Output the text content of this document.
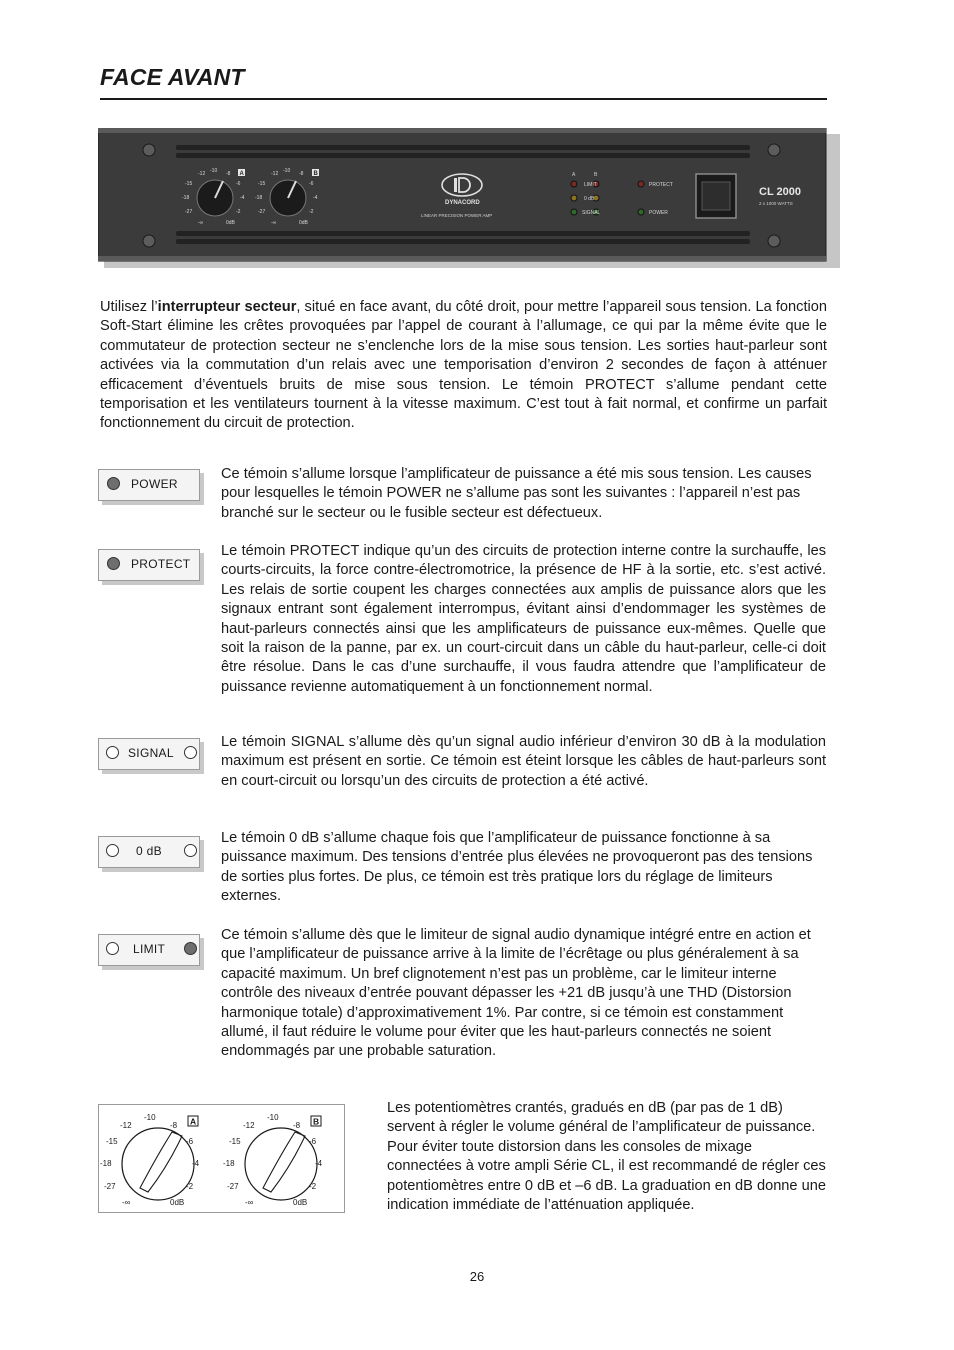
FACE AVANT
-12 -10 -8
-15	-6
-18	-4
-27	-2
-∞	0dB
-12 -10 -8
-15	-6
-18	-4
-27	-2
-∞	0dB
A	B
DYNACORD
LINEAR PRECISION POWER AMP
A	B
LIMIT
0 dB
SIGNAL
PROTECT
POWER
CL 2000
2 x 1000 WATTS
Utilisez l’interrupteur secteur, situé en face avant, du côté droit, pour mettre l’appareil sous tension. La fonction Soft-Start élimine les crêtes provoquées par l’appel de courant à l’allumage, ce qui par la même évite que le commutateur de protection secteur ne s’enclenche lors de la mise sous tension. Les sorties haut-parleur sont activées via la commutation d’un relais avec une temporisation d’environ 2 secondes de façon à atténuer efficacement d’éventuels bruits de mise sous tension. Le témoin PROTECT s’allume pendant cette temporisation et les ventilateurs tournent à la vitesse maximum. C’est tout à fait normal, et confirme un parfait fonctionnement du circuit de protection.
POWER
Ce témoin s’allume lorsque l’amplificateur de puissance a été mis sous tension. Les causes pour lesquelles le témoin POWER ne s’allume pas sont les suivantes : l’appareil n’est pas branché sur le secteur ou le fusible secteur est défectueux.
PROTECT
Le témoin PROTECT indique qu’un des circuits de protection interne contre la surchauffe, les courts-circuits, la force contre-électromotrice, la présence de HF à la sortie, etc. s’est activé. Les relais de sortie coupent les charges connectées aux amplis de puissance alors que les signaux entrant sont également interrompus, évitant ainsi d’endommager les systèmes de haut-parleurs connectés ainsi que les amplificateurs de puissance eux-mêmes. Quelle que soit la raison de la panne, par ex. un court-circuit dans un câble du haut-parleur, celle-ci doit être résolue. Dans le cas d’une surchauffe, il vous faudra attendre que l’amplificateur de puissance revienne automatiquement à un fonctionnement normal.
SIGNAL
Le témoin SIGNAL s’allume dès qu’un signal audio inférieur d’environ 30 dB à la modulation maximum est présent en sortie. Ce témoin est éteint lorsque les câbles de haut-parleurs sont en court-circuit ou lorsqu’un des circuits de protection a été activé.
0 dB
Le témoin 0 dB s’allume chaque fois que l’amplificateur de puissance fonctionne à sa puissance maximum. Des tensions d’entrée plus élevées ne provoqueront pas des tensions de sorties plus fortes. De plus, ce témoin est très pratique lors du réglage de limiteurs externes.
LIMIT
Ce témoin s’allume dès que le limiteur de signal audio dynamique intégré entre en action et que l’amplificateur de puissance arrive à la limite de l’écrêtage ou plus généralement à sa capacité maximum. Un bref clignotement n’est pas un problème, car le limiteur interne contrôle des niveaux d’entrée pouvant dépasser les +21 dB jusqu’à une THD (Distorsion harmonique totale) d’approximativement 1%. Par contre, si ce témoin est constamment allumé, il faut réduire le volume pour éviter que les haut-parleurs connectés ne soient endommagés par une probable saturation.
-12
-10
-8
-15	-6
-18	-4
-27	-2
-∞	0dB
-12
-10
-8
-15	-6
-18	-4
-27	-2
-∞	0dB
A	B
Les potentiomètres crantés, gradués en dB (par pas de 1 dB) servent à régler le volume général de l’amplificateur de puissance. Pour éviter toute distorsion dans les consoles de mixage connectées à votre ampli Série CL, il est recommandé de régler ces potentiomètres entre 0 dB et –6 dB. La graduation en dB donne une indication immédiate de l’atténuation appliquée.
26
